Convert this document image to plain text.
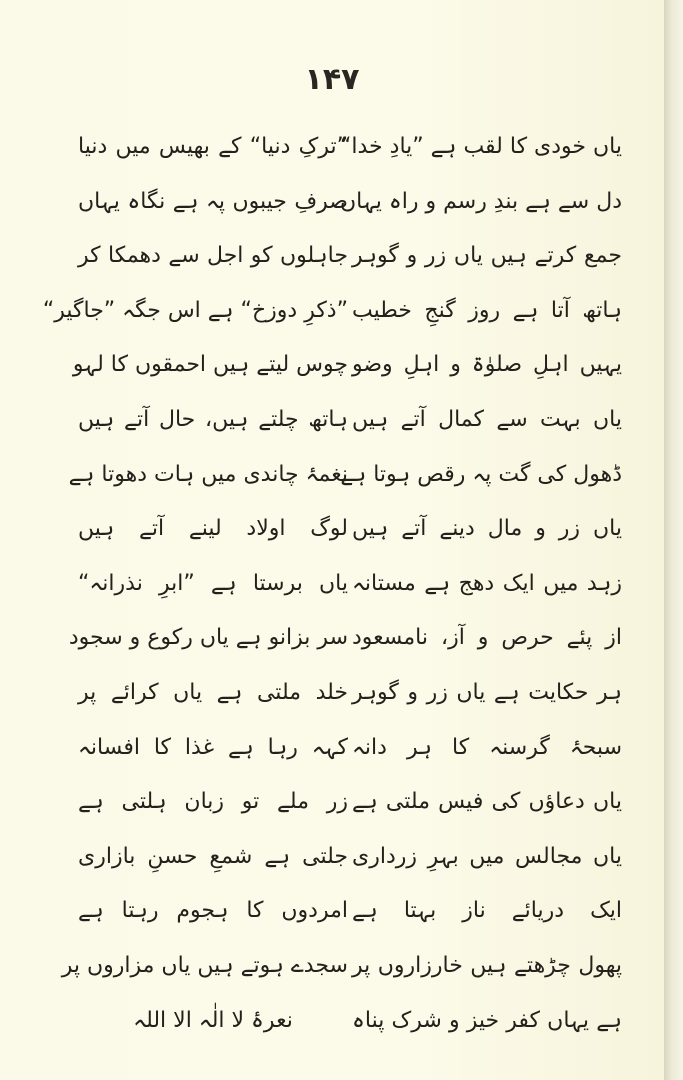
۱۴۷
یاں خودی کا لقب ہے ”یادِ خدا“
دل سے ہے بندِ رسم و راہ یہاں
جمع کرتے ہیں یاں زر و گوہر
ہاتھ آتا ہے روز گنجِ خطیب
یہیں اہلِ صلوٰۃ و اہلِ وضو
یاں بہت سے کمال آتے ہیں
ڈھول کی گت پہ رقص ہوتا ہے
یاں زر و مال دینے آتے ہیں
زہد میں ایک دھج ہے مستانہ
از پئے حرص و آز، نامسعود
ہر حکایت ہے یاں زر و گوہر
سبحۂ گرسنہ کا ہر دانہ
یاں دعاؤں کی فیس ملتی ہے
یاں مجالس میں بہرِ زرداری
ایک دریائے ناز بہتا ہے
پھول چڑھتے ہیں خارزاروں پر
ہے یہاں کفر خیز و شرک پناہ
”ترکِ دنیا“ کے بھیس میں دنیا
صرفِ جیبوں پہ ہے نگاہ یہاں
جاہلوں کو اجل سے دھمکا کر
”ذکرِ دوزخ“ ہے اس جگہ ”جاگیر“
چوس لیتے ہیں احمقوں کا لہو
ہاتھ چلتے ہیں، حال آتے ہیں
نغمۂ چاندی میں ہات دھوتا ہے
لوگ اولاد لینے آتے ہیں
یاں برستا ہے ”ابرِ نذرانہ“
سر بزانو ہے یاں رکوع و سجود
خلد ملتی ہے یاں کرائے پر
کہہ رہا ہے غذا کا افسانہ
زر ملے تو زبان ہلتی ہے
جلتی ہے شمعِ حسنِ بازاری
امردوں کا ہجوم رہتا ہے
سجدے ہوتے ہیں یاں مزاروں پر
نعرۂ لا الٰہ الا اللہ
